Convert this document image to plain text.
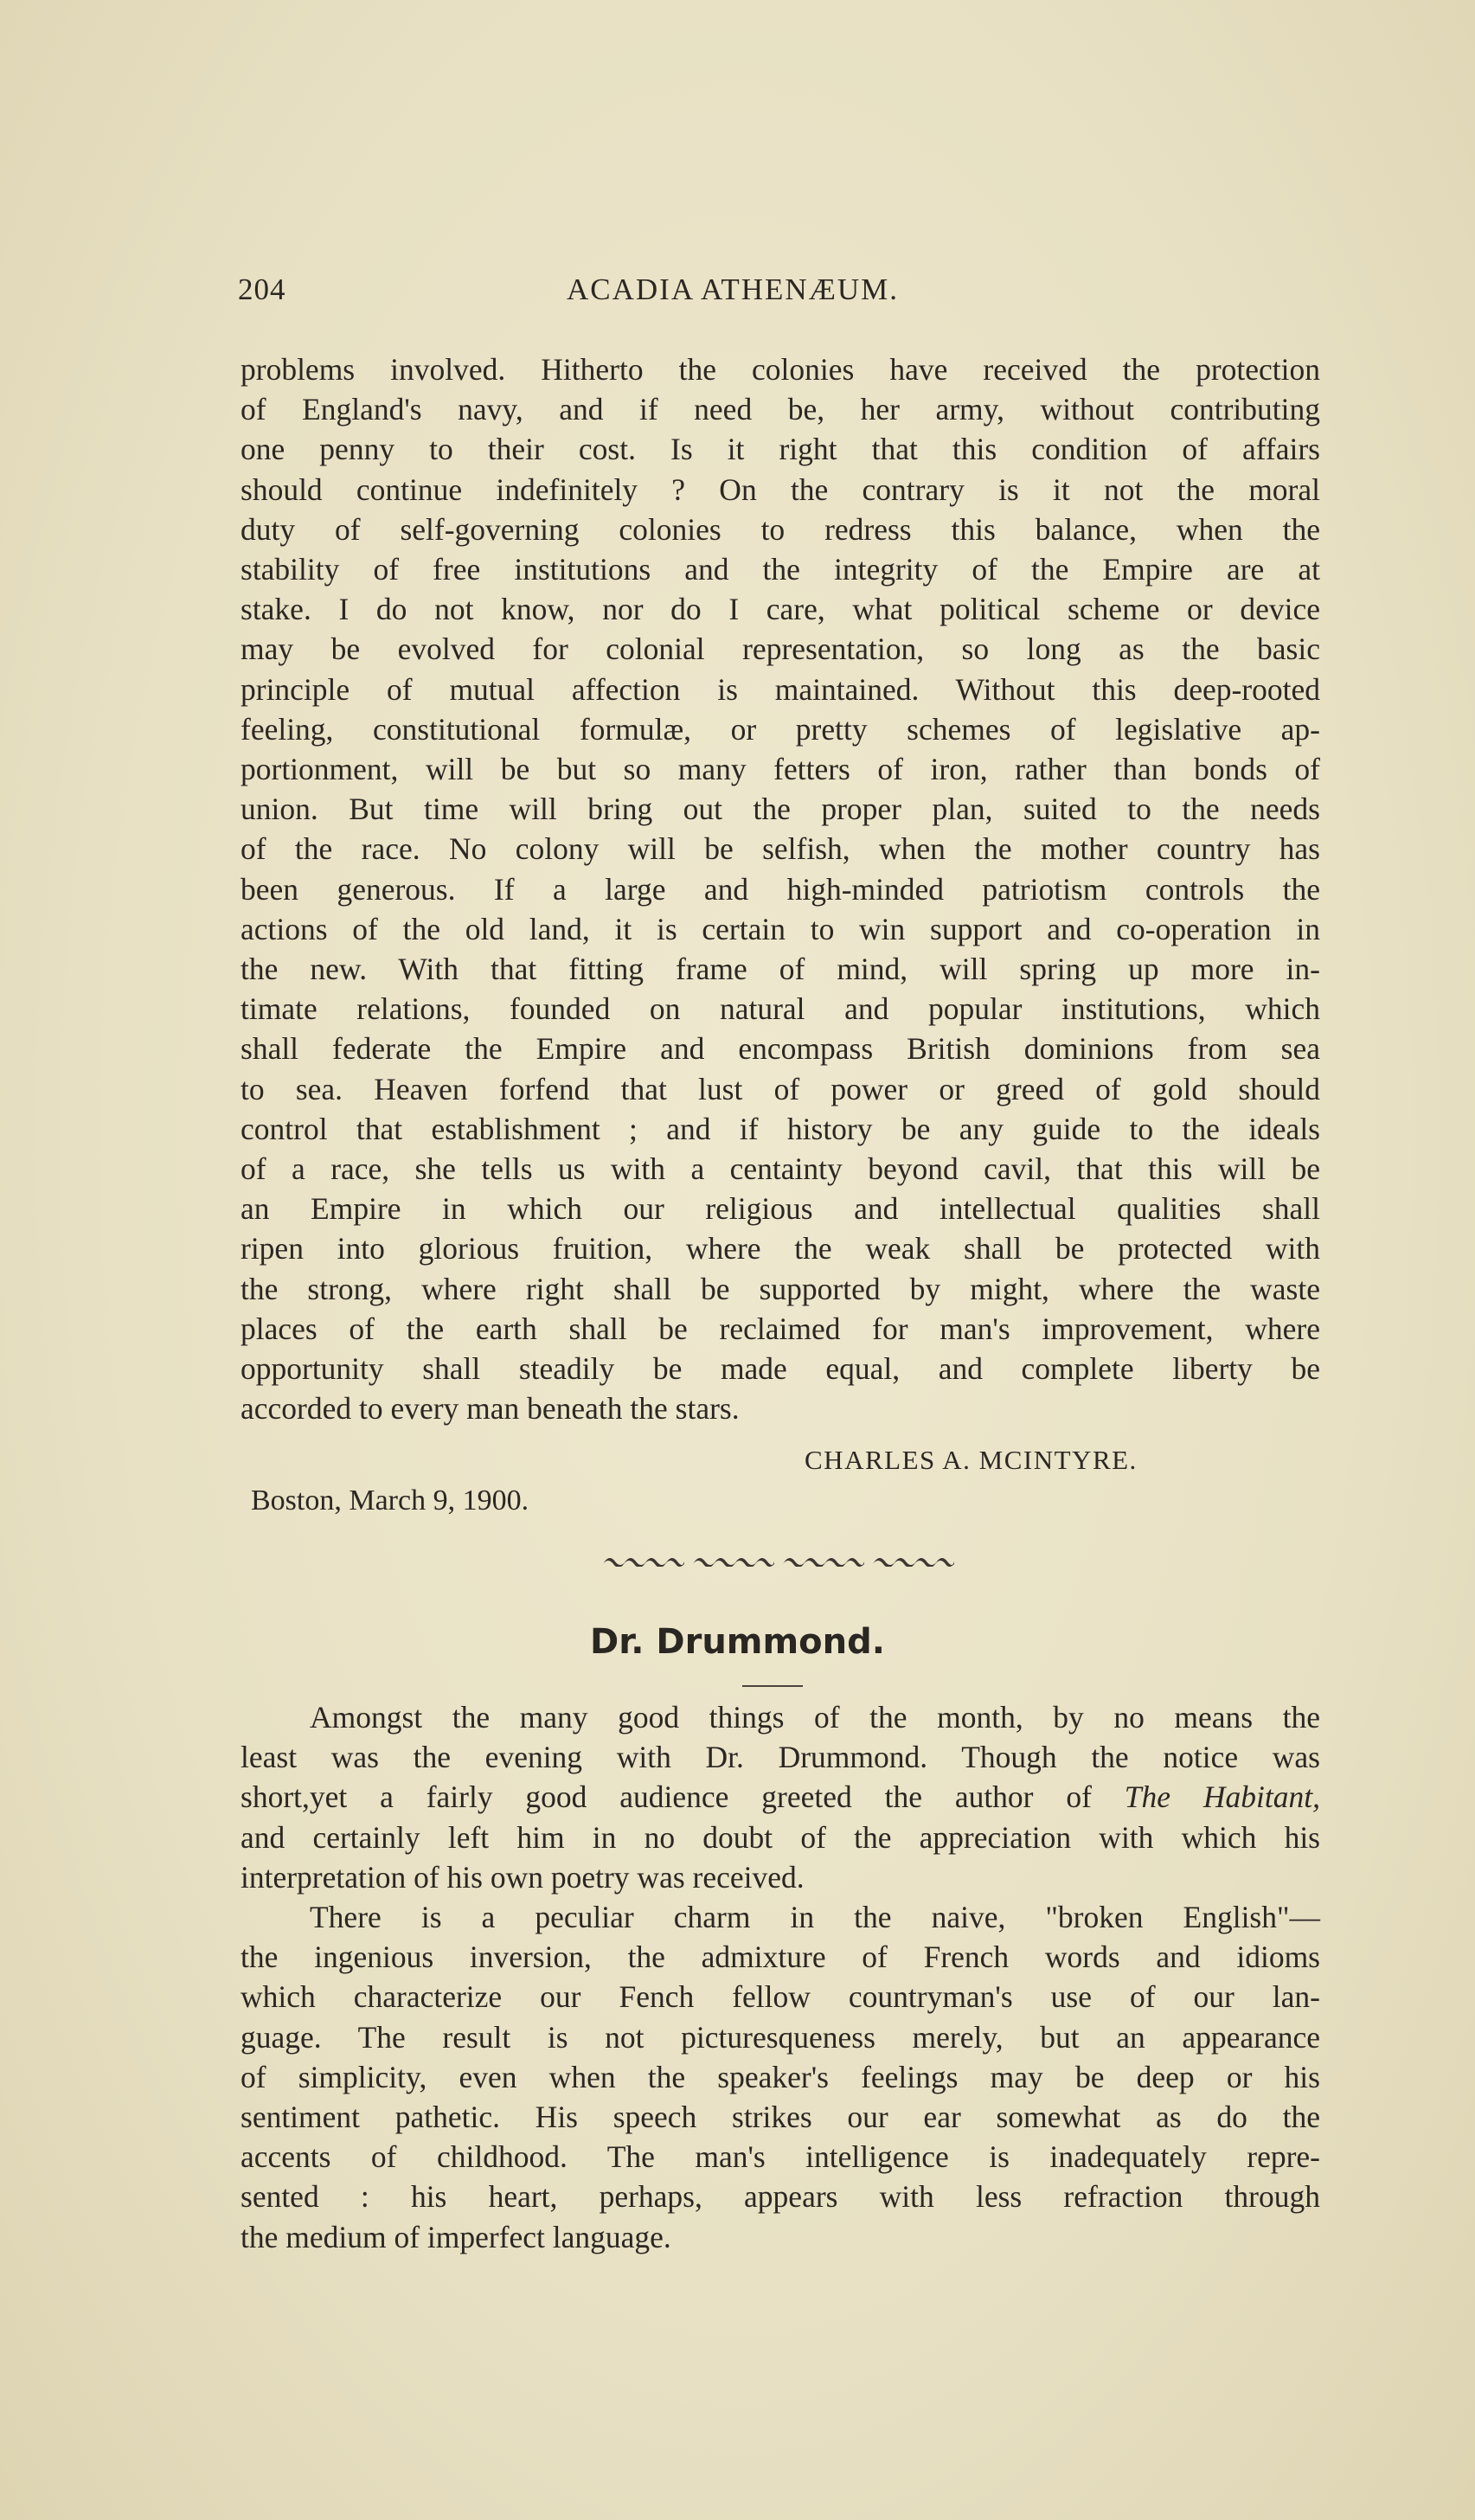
204	ACADIA ATHENÆUM.

problems involved. Hitherto the colonies have received the protection

of England's navy, and if need be, her army, without contributing

one penny to their cost. Is it right that this condition of affairs

should continue indefinitely ? On the contrary is it not the moral

duty of self-governing colonies to redress this balance, when the

stability of free institutions and the integrity of the Empire are at

stake. I do not know, nor do I care, what political scheme or device

may be evolved for colonial representation, so long as the basic

principle of mutual affection is maintained. Without this deep-rooted

feeling, constitutional formulæ, or pretty schemes of legislative ap-

portionment, will be but so many fetters of iron, rather than bonds of

union. But time will bring out the proper plan, suited to the needs

of the race. No colony will be selfish, when the mother country has

been generous. If a large and high-minded patriotism controls the

actions of the old land, it is certain to win support and co-operation in

the new. With that fitting frame of mind, will spring up more in-

timate relations, founded on natural and popular institutions, which

shall federate the Empire and encompass British dominions from sea

to sea. Heaven forfend that lust of power or greed of gold should

control that establishment ; and if history be any guide to the ideals

of a race, she tells us with a centainty beyond cavil, that this will be

an Empire in which our religious and intellectual qualities shall

ripen into glorious fruition, where the weak shall be protected with

the strong, where right shall be supported by might, where the waste

places of the earth shall be reclaimed for man's improvement, where

opportunity shall steadily be made equal, and complete liberty be

accorded to every man beneath the stars.

CHARLES A. MCINTYRE.
Boston, March 9, 1900.
Dr. Drummond.

Amongst the many good things of the month, by no means the

least was the evening with Dr. Drummond. Though the notice was

short,yet a fairly good audience greeted the author of The Habitant,

and certainly left him in no doubt of the appreciation with which his

interpretation of his own poetry was received.

There is a peculiar charm in the naive, "broken English"—

the ingenious inversion, the admixture of French words and idioms

which characterize our Fench fellow countryman's use of our lan-

guage. The result is not picturesqueness merely, but an appearance

of simplicity, even when the speaker's feelings may be deep or his

sentiment pathetic. His speech strikes our ear somewhat as do the

accents of childhood. The man's intelligence is inadequately repre-

sented : his heart, perhaps, appears with less refraction through

the medium of imperfect language.
